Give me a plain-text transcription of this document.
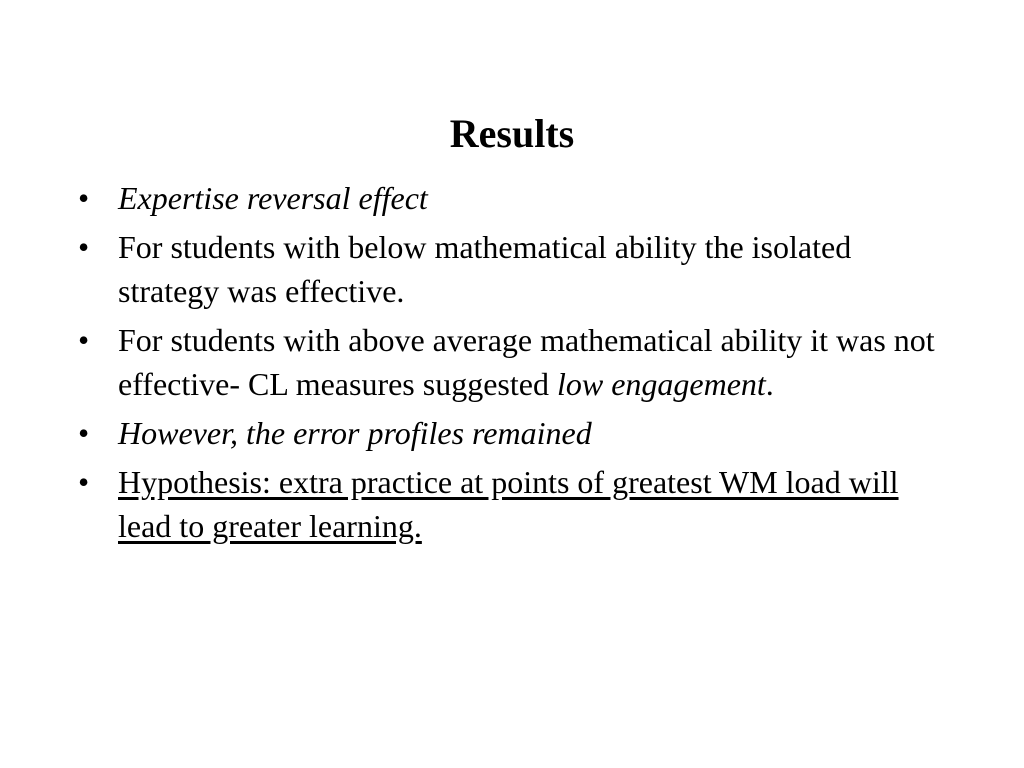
Results
• Expertise reversal effect
• For students with below mathematical ability the isolated strategy was effective.
• For students with above average mathematical ability it was not effective- CL measures suggested low engagement.
• However, the error profiles remained
• Hypothesis: extra practice at points of greatest WM load will lead to greater learning.
